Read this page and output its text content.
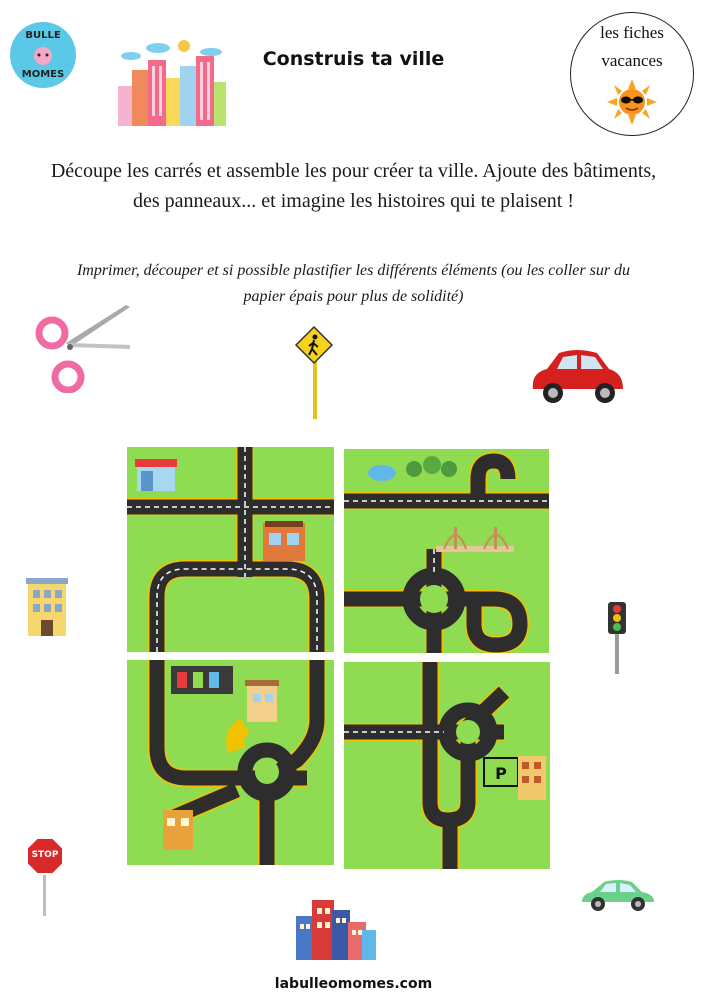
BULLE
MOMES
Construis ta ville
les fiches
vacances
Découpe les carrés et assemble les pour créer ta ville. Ajoute des bâtiments, des panneaux... et imagine les histoires qui te plaisent !
Imprimer, découper et si possible plastifier les différents éléments (ou les coller sur du papier épais pour plus de solidité)
P
STOP
labulleomomes.com
